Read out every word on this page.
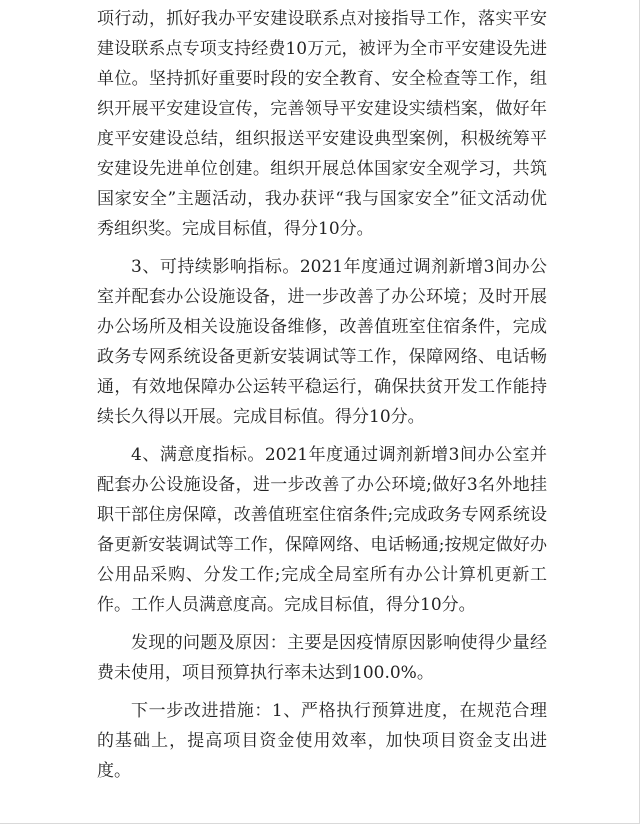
项行动，抓好我办平安建设联系点对接指导工作，落实平安建设联系点专项支持经费10万元，被评为全市平安建设先进单位。坚持抓好重要时段的安全教育、安全检查等工作，组织开展平安建设宣传，完善领导平安建设实绩档案，做好年度平安建设总结，组织报送平安建设典型案例，积极统筹平安建设先进单位创建。组织开展总体国家安全观学习，共筑国家安全”主题活动，我办获评“我与国家安全”征文活动优秀组织奖。完成目标值，得分10分。

3、可持续影响指标。2021年度通过调剂新增3间办公室并配套办公设施设备，进一步改善了办公环境；及时开展办公场所及相关设施设备维修，改善值班室住宿条件，完成政务专网系统设备更新安装调试等工作，保障网络、电话畅通，有效地保障办公运转平稳运行，确保扶贫开发工作能持续长久得以开展。完成目标值。得分10分。

4、满意度指标。2021年度通过调剂新增3间办公室并配套办公设施设备，进一步改善了办公环境;做好3名外地挂职干部住房保障，改善值班室住宿条件;完成政务专网系统设备更新安装调试等工作，保障网络、电话畅通;按规定做好办公用品采购、分发工作;完成全局室所有办公计算机更新工作。工作人员满意度高。完成目标值，得分10分。

发现的问题及原因：主要是因疫情原因影响使得少量经费未使用，项目预算执行率未达到100.0%。

下一步改进措施：1、严格执行预算进度，在规范合理的基础上，提高项目资金使用效率，加快项目资金支出进度。
